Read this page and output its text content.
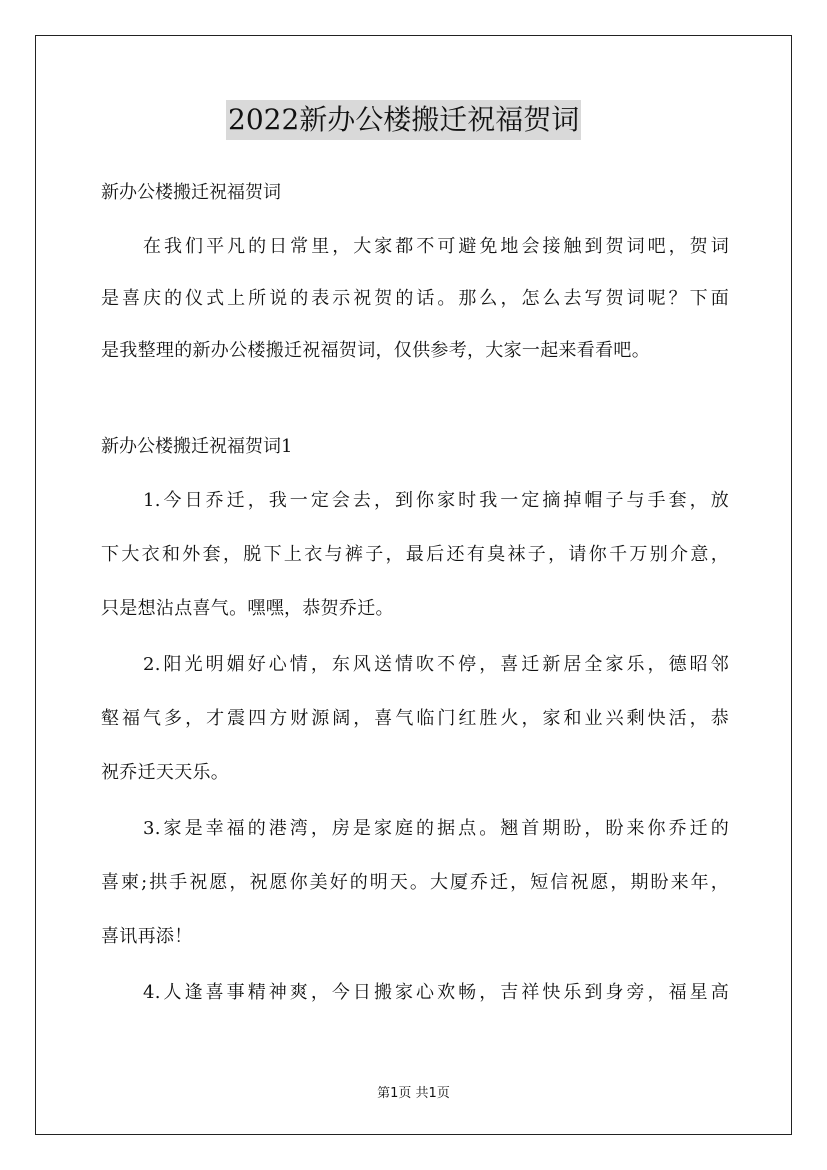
2022新办公楼搬迁祝福贺词

新办公楼搬迁祝福贺词

在我们平凡的日常里，大家都不可避免地会接触到贺词吧，贺词

是喜庆的仪式上所说的表示祝贺的话。那么，怎么去写贺词呢？下面

是我整理的新办公楼搬迁祝福贺词，仅供参考，大家一起来看看吧。

新办公楼搬迁祝福贺词1

1.今日乔迁，我一定会去，到你家时我一定摘掉帽子与手套，放

下大衣和外套，脱下上衣与裤子，最后还有臭袜子，请你千万别介意，

只是想沾点喜气。嘿嘿，恭贺乔迁。

2.阳光明媚好心情，东风送情吹不停，喜迁新居全家乐，德昭邻

壑福气多，才震四方财源阔，喜气临门红胜火，家和业兴剩快活，恭

祝乔迁天天乐。

3.家是幸福的港湾，房是家庭的据点。翘首期盼，盼来你乔迁的

喜柬;拱手祝愿，祝愿你美好的明天。大厦乔迁，短信祝愿，期盼来年，

喜讯再添！

4.人逢喜事精神爽，今日搬家心欢畅，吉祥快乐到身旁，福星高

第1页 共1页
